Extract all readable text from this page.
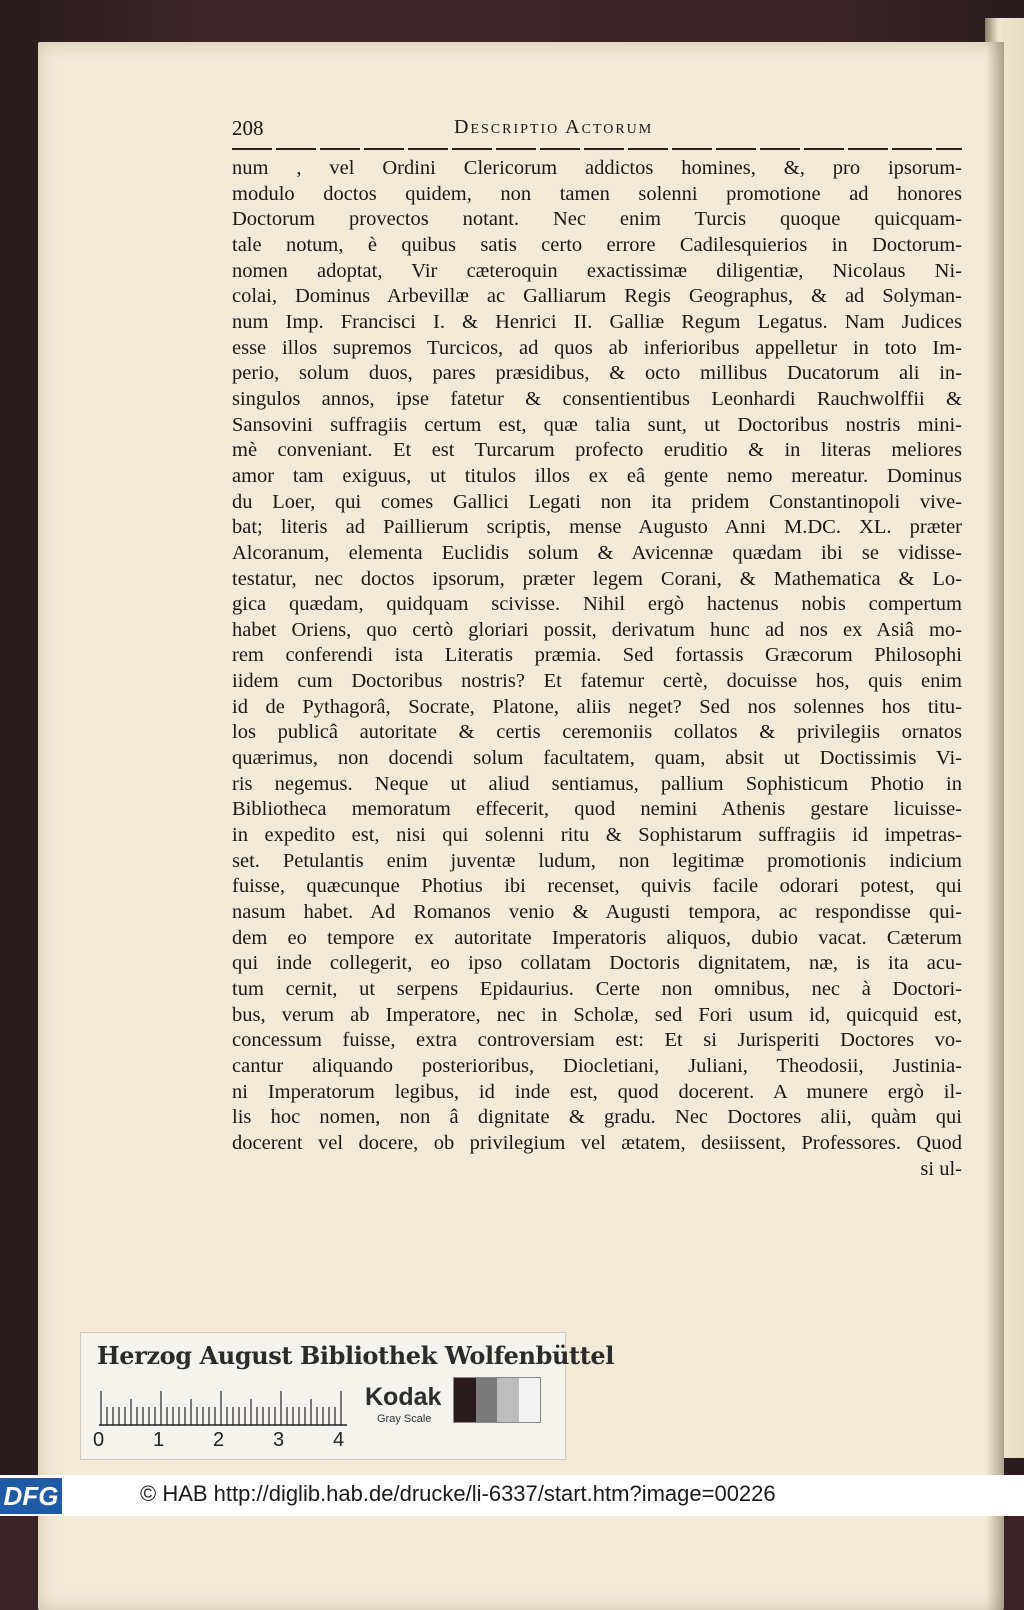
208	Descriptio Actorum
num , vel Ordini Clericorum addictos homines, &, pro ipsorum-
modulo doctos quidem, non tamen solenni promotione ad honores
Doctorum provectos notant. Nec enim Turcis quoque quicquam-
tale notum, è quibus satis certo errore Cadilesquierios in Doctorum-
nomen adoptat, Vir cæteroquin exactissimæ diligentiæ, Nicolaus Ni-
colai, Dominus Arbevillæ ac Galliarum Regis Geographus, & ad Solyman-
num Imp. Francisci I. & Henrici II. Galliæ Regum Legatus. Nam Judices
esse illos supremos Turcicos, ad quos ab inferioribus appelletur in toto Im-
perio, solum duos, pares præsidibus, & octo millibus Ducatorum ali in-
singulos annos, ipse fatetur & consentientibus Leonhardi Rauchwolffii &
Sansovini suffragiis certum est, quæ talia sunt, ut Doctoribus nostris mini-
mè conveniant. Et est Turcarum profecto eruditio & in literas meliores
amor tam exiguus, ut titulos illos ex eâ gente nemo mereatur. Dominus
du Loer, qui comes Gallici Legati non ita pridem Constantinopoli vive-
bat; literis ad Paillierum scriptis, mense Augusto Anni M.DC. XL. præter
Alcoranum, elementa Euclidis solum & Avicennæ quædam ibi se vidisse-
testatur, nec doctos ipsorum, præter legem Corani, & Mathematica & Lo-
gica quædam, quidquam scivisse. Nihil ergò hactenus nobis compertum
habet Oriens, quo certò gloriari possit, derivatum hunc ad nos ex Asiâ mo-
rem conferendi ista Literatis præmia. Sed fortassis Græcorum Philosophi
iidem cum Doctoribus nostris? Et fatemur certè, docuisse hos, quis enim
id de Pythagorâ, Socrate, Platone, aliis neget? Sed nos solennes hos titu-
los publicâ autoritate & certis ceremoniis collatos & privilegiis ornatos
quærimus, non docendi solum facultatem, quam, absit ut Doctissimis Vi-
ris negemus. Neque ut aliud sentiamus, pallium Sophisticum Photio in
Bibliotheca memoratum effecerit, quod nemini Athenis gestare licuisse-
in expedito est, nisi qui solenni ritu & Sophistarum suffragiis id impetras-
set. Petulantis enim juventæ ludum, non legitimæ promotionis indicium
fuisse, quæcunque Photius ibi recenset, quivis facile odorari potest, qui
nasum habet. Ad Romanos venio & Augusti tempora, ac respondisse qui-
dem eo tempore ex autoritate Imperatoris aliquos, dubio vacat. Cæterum
qui inde collegerit, eo ipso collatam Doctoris dignitatem, næ, is ita acu-
tum cernit, ut serpens Epidaurius. Certe non omnibus, nec à Doctori-
bus, verum ab Imperatore, nec in Scholæ, sed Fori usum id, quicquid est,
concessum fuisse, extra controversiam est: Et si Jurisperiti Doctores vo-
cantur aliquando posterioribus, Diocletiani, Juliani, Theodosii, Justinia-
ni Imperatorum legibus, id inde est, quod docerent. A munere ergò il-
lis hoc nomen, non â dignitate & gradu. Nec Doctores alii, quàm qui
docerent vel docere, ob privilegium vel ætatem, desiissent, Professores. Quod
si ul-
Herzog August Bibliothek Wolfenbüttel
0 1 2 3 4
Kodak
Gray Scale
DFG	© HAB http://diglib.hab.de/drucke/li-6337/start.htm?image=00226
